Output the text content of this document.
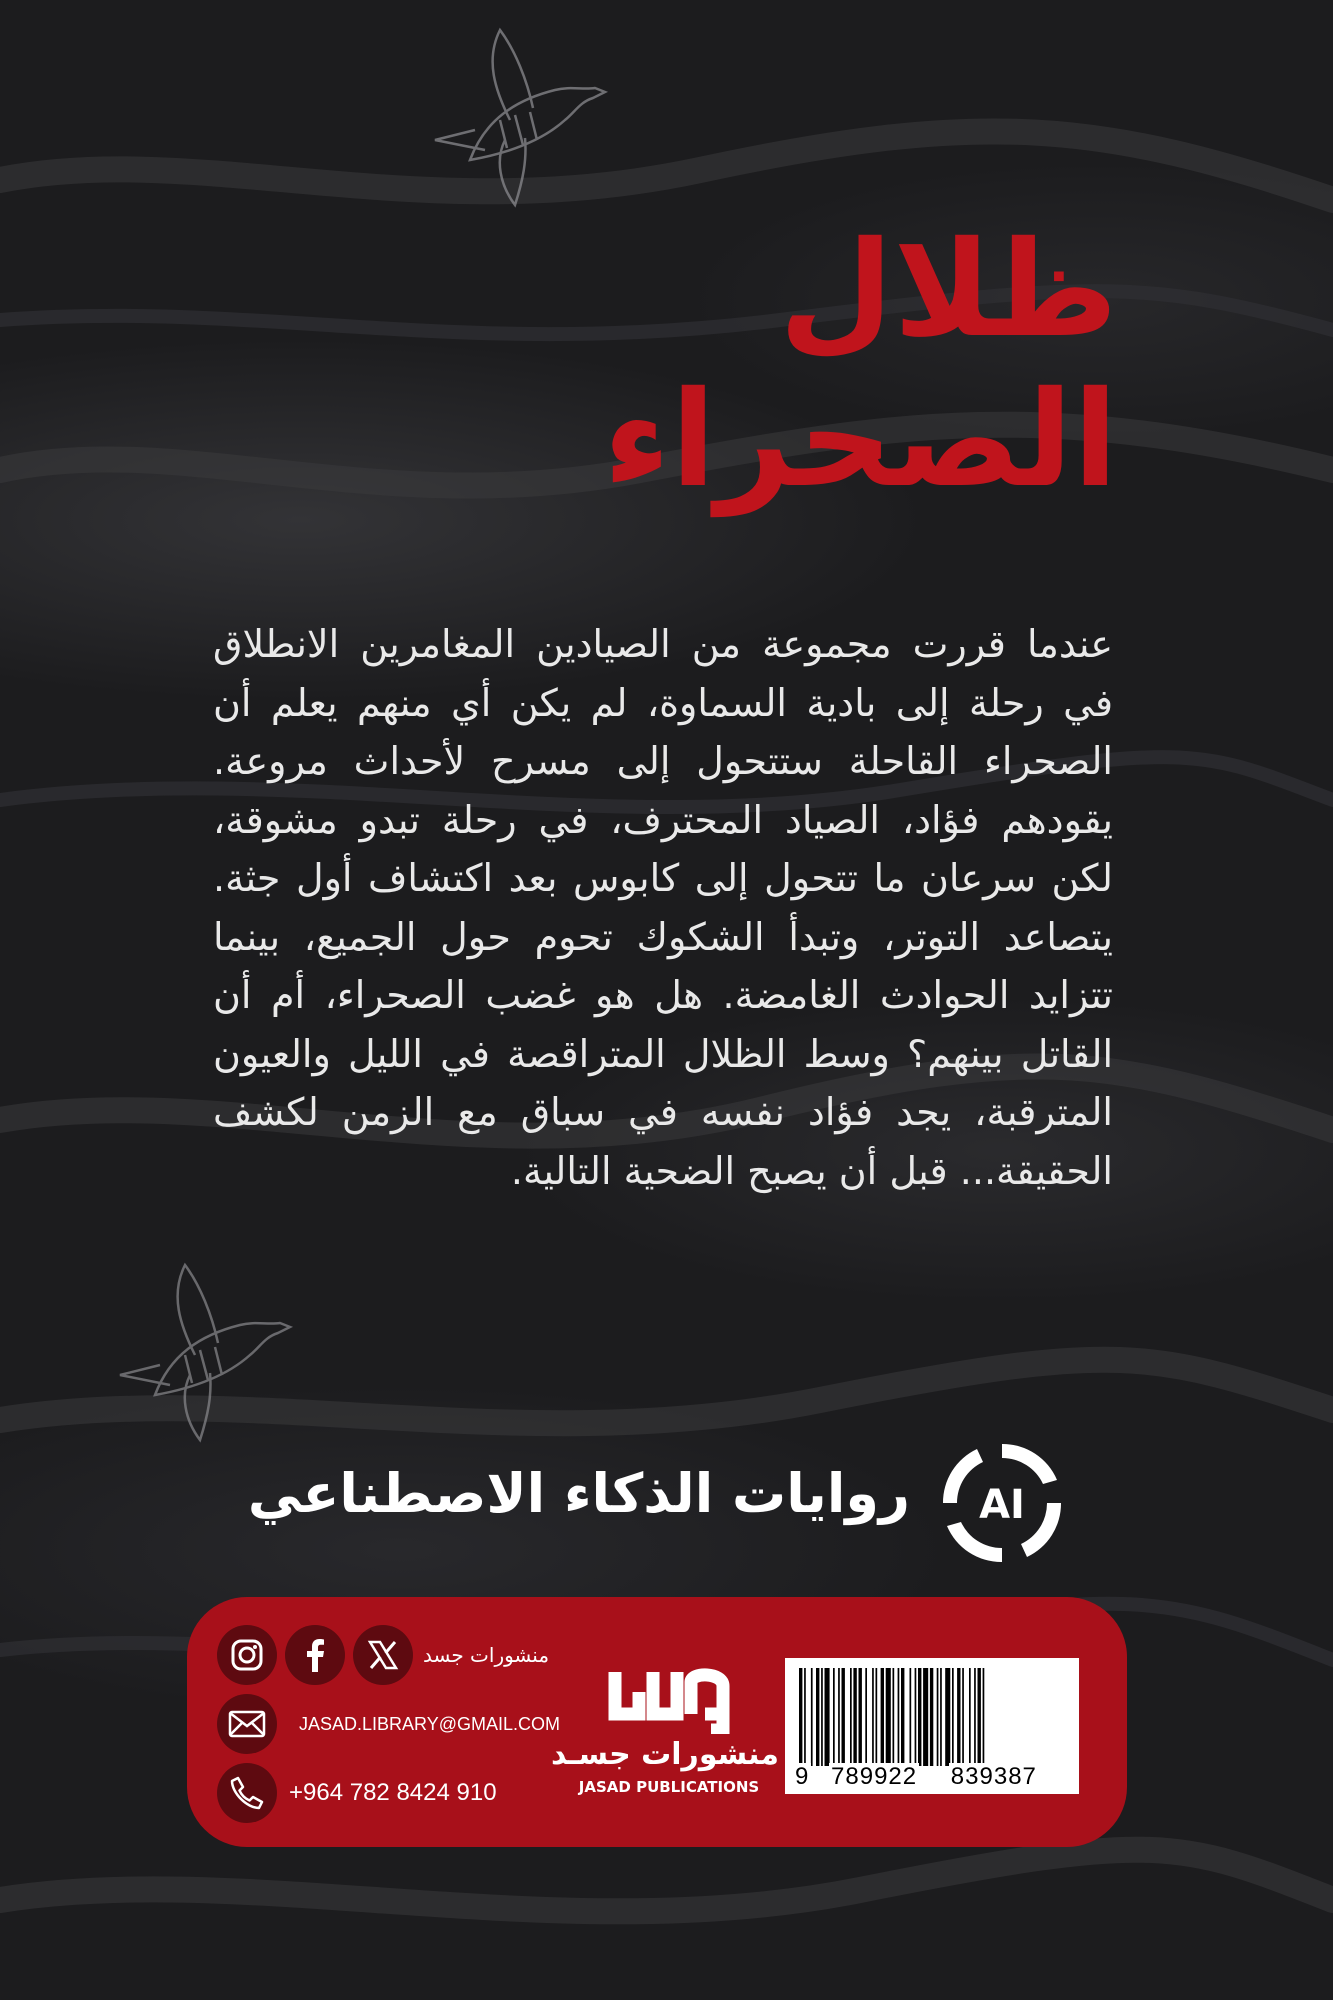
ظلال
الصحراء
عندما قررت مجموعة من الصيادين المغامرين الانطلاق في رحلة إلى بادية السماوة، لم يكن أي منهم يعلم أن الصحراء القاحلة ستتحول إلى مسرح لأحداث مروعة. يقودهم فؤاد، الصياد المحترف، في رحلة تبدو مشوقة، لكن سرعان ما تتحول إلى كابوس بعد اكتشاف أول جثة. يتصاعد التوتر، وتبدأ الشكوك تحوم حول الجميع، بينما تتزايد الحوادث الغامضة. هل هو غضب الصحراء، أم أن القاتل بينهم؟ وسط الظلال المتراقصة في الليل والعيون المترقبة، يجد فؤاد نفسه في سباق مع الزمن لكشف الحقيقة... قبل أن يصبح الضحية التالية.
روايات الذكاء الاصطناعي AI
منشورات جسد
JASAD.LIBRARY@GMAIL.COM
+964 782 8424 910
منشورات جسـد
JASAD PUBLICATIONS	9 789922 839387
